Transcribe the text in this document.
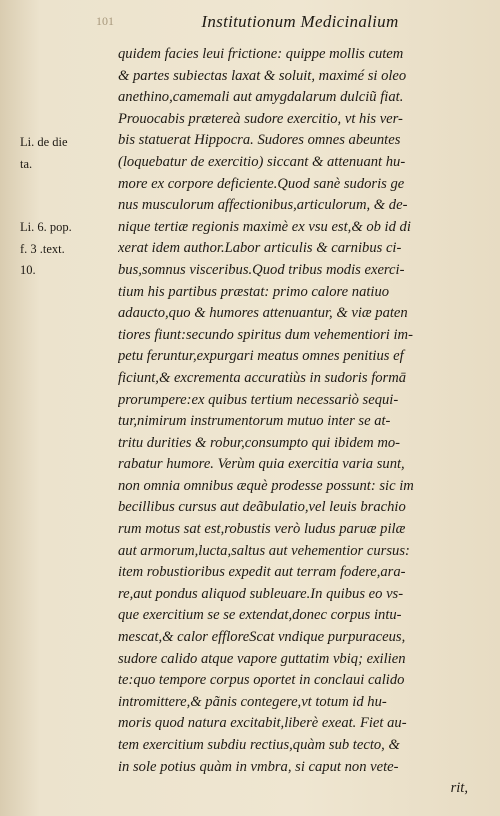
101	Institutionum Medicinalium
Li. de die
ta.
Li. 6. pop.
f. 3 .text.
10.
quidem facies leui frictione: quippe mollis cutem
& partes subiectas laxat & soluit, maximé si oleo
anethino,camemali aut amygdalarum dulciũ fiat.
Prouocabis prætereà sudore exercitio, vt his ver-
bis statuerat Hippocra. Sudores omnes abeuntes
(loquebatur de exercitio) siccant & attenuant hu-
more ex corpore deficiente.Quod sanè sudoris ge
nus musculorum affectionibus,articulorum, & de-
nique tertiæ regionis maximè ex vsu est,& ob id di
xerat idem author.Labor articulis & carnibus ci-
bus,somnus visceribus.Quod tribus modis exerci-
tium his partibus præstat: primo calore natiuo
adaucto,quo & humores attenuantur, & viæ paten
tiores fiunt:secundo spiritus dum vehementiori im-
petu feruntur,expurgari meatus omnes penitius ef
ficiunt,& excrementa accuratiùs in sudoris formā
prorumpere:ex quibus tertium necessariò sequi-
tur,nimirum instrumentorum mutuo inter se at-
tritu durities & robur,consumpto qui ibidem mo-
rabatur humore. Verùm quia exercitia varia sunt,
non omnia omnibus æquè prodesse possunt: sic im
becillibus cursus aut deãbulatio,vel leuis brachio
rum motus sat est,robustis verò ludus paruæ pilæ
aut armorum,lucta,saltus aut vehementior cursus:
item robustioribus expedit aut terram fodere,ara-
re,aut pondus aliquod subleuare.In quibus eo vs-
que exercitium se se extendat,donec corpus intu-
mescat,& calor effloreScat vndique purpuraceus,
sudore calido atque vapore guttatim vbiq; exilien
te:quo tempore corpus oportet in conclaui calido
intromittere,& pãnis contegere,vt totum id hu-
moris quod natura excitabit,liberè exeat. Fiet au-
tem exercitium subdiu rectius,quàm sub tecto, &
in sole potius quàm in vmbra, si caput non vete-
rit,
